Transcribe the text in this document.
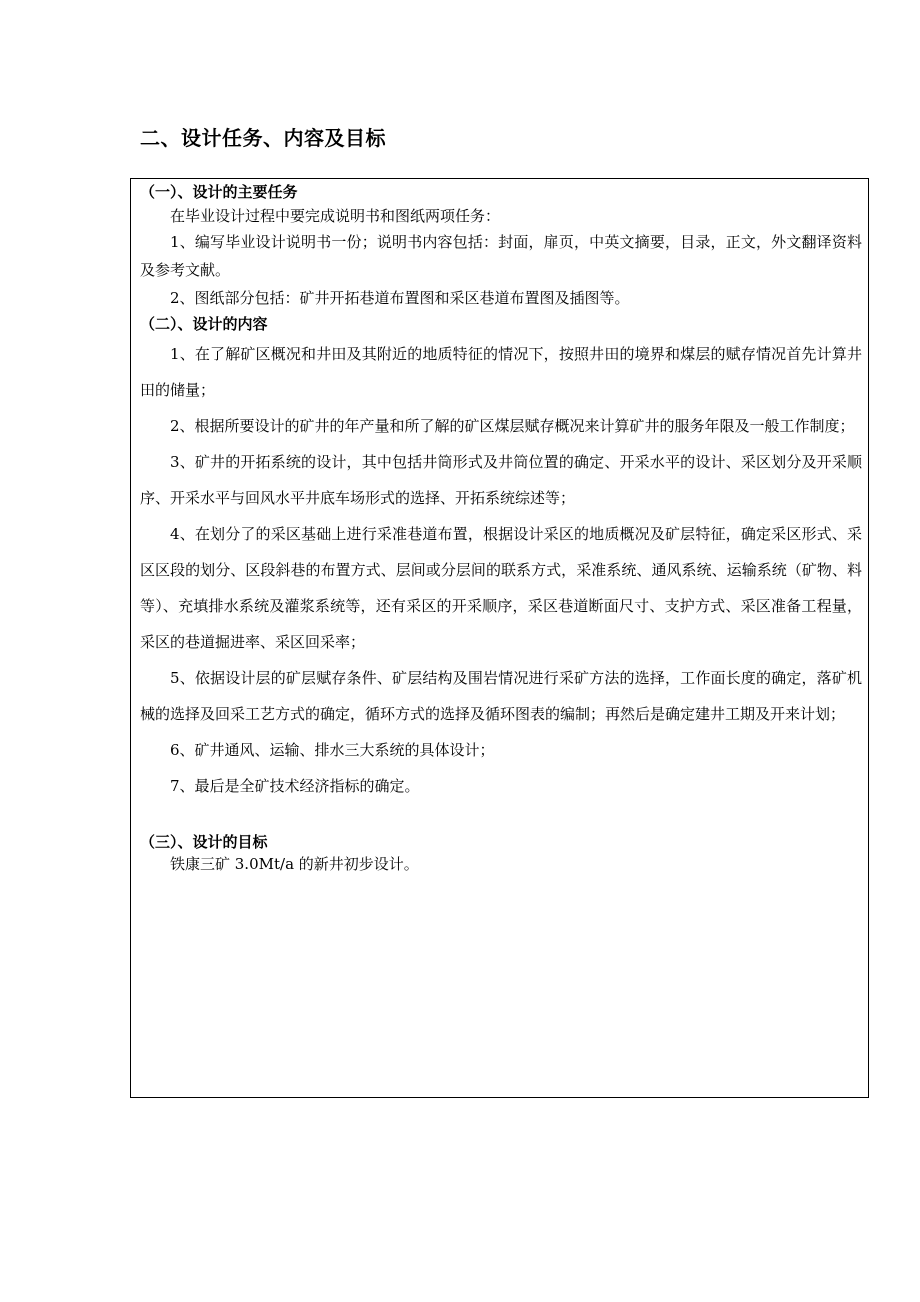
二、设计任务、内容及目标

（一）、设计的主要任务

在毕业设计过程中要完成说明书和图纸两项任务：

1、编写毕业设计说明书一份；说明书内容包括：封面，扉页，中英文摘要，目录，正文，外文翻译资料及参考文献。

2、图纸部分包括：矿井开拓巷道布置图和采区巷道布置图及插图等。

（二）、设计的内容

1、在了解矿区概况和井田及其附近的地质特征的情况下，按照井田的境界和煤层的赋存情况首先计算井田的储量；

2、根据所要设计的矿井的年产量和所了解的矿区煤层赋存概况来计算矿井的服务年限及一般工作制度；

3、矿井的开拓系统的设计，其中包括井筒形式及井筒位置的确定、开采水平的设计、采区划分及开采顺序、开采水平与回风水平井底车场形式的选择、开拓系统综述等；

4、在划分了的采区基础上进行采准巷道布置，根据设计采区的地质概况及矿层特征，确定采区形式、采区区段的划分、区段斜巷的布置方式、层间或分层间的联系方式，采准系统、通风系统、运输系统（矿物、料等）、充填排水系统及灌浆系统等，还有采区的开采顺序，采区巷道断面尺寸、支护方式、采区准备工程量，采区的巷道掘进率、采区回采率；

5、依据设计层的矿层赋存条件、矿层结构及围岩情况进行采矿方法的选择，工作面长度的确定，落矿机械的选择及回采工艺方式的确定，循环方式的选择及循环图表的编制；再然后是确定建井工期及开来计划；

6、矿井通风、运输、排水三大系统的具体设计；

7、最后是全矿技术经济指标的确定。

（三）、设计的目标

铁康三矿 3.0Mt/a 的新井初步设计。
